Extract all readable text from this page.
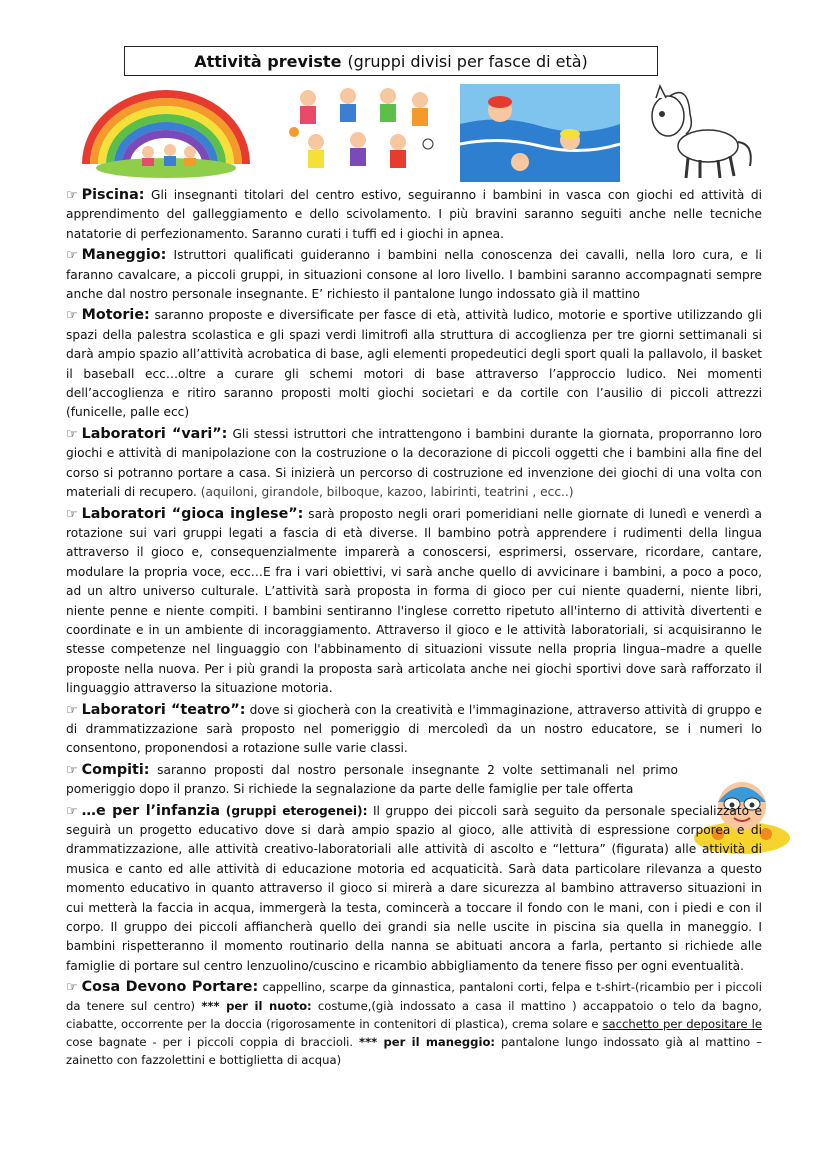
Attività previste (gruppi divisi per fasce di età)
☞ Piscina: Gli insegnanti titolari del centro estivo, seguiranno i bambini in vasca con giochi ed attività di apprendimento del galleggiamento e dello scivolamento. I più bravini saranno seguiti anche nelle tecniche natatorie di perfezionamento. Saranno curati i tuffi ed i giochi in apnea.
☞ Maneggio: Istruttori qualificati guideranno i bambini nella conoscenza dei cavalli, nella loro cura, e li faranno cavalcare, a piccoli gruppi, in situazioni consone al loro livello. I bambini saranno accompagnati sempre anche dal nostro personale insegnante. E’ richiesto il pantalone lungo indossato già il mattino
☞ Motorie: saranno proposte e diversificate per fasce di età, attività ludico, motorie e sportive utilizzando gli spazi della palestra scolastica e gli spazi verdi limitrofi alla struttura di accoglienza per tre giorni settimanali si darà ampio spazio all’attività acrobatica di base, agli elementi propedeutici degli sport quali la pallavolo, il basket il baseball ecc…oltre a curare gli schemi motori di base attraverso l’approccio ludico. Nei momenti dell’accoglienza e ritiro saranno proposti molti giochi societari e da cortile con l’ausilio di piccoli attrezzi (funicelle, palle ecc)
☞ Laboratori “vari”: Gli stessi istruttori che intrattengono i bambini durante la giornata, proporranno loro giochi e attività di manipolazione con la costruzione o la decorazione di piccoli oggetti che i bambini alla fine del corso si potranno portare a casa. Si inizierà un percorso di costruzione ed invenzione dei giochi di una volta con materiali di recupero. (aquiloni, girandole, bilboque, kazoo, labirinti, teatrini , ecc..)
☞ Laboratori “gioca inglese”: sarà proposto negli orari pomeridiani nelle giornate di lunedì e venerdì a rotazione sui vari gruppi legati a fascia di età diverse. Il bambino potrà apprendere i rudimenti della lingua attraverso il gioco e, consequenzialmente imparerà a conoscersi, esprimersi, osservare, ricordare, cantare, modulare la propria voce, ecc…E fra i vari obiettivi, vi sarà anche quello di avvicinare i bambini, a poco a poco, ad un altro universo culturale. L’attività sarà proposta in forma di gioco per cui niente quaderni, niente libri, niente penne e niente compiti. I bambini sentiranno l'inglese corretto ripetuto all'interno di attività divertenti e coordinate e in un ambiente di incoraggiamento. Attraverso il gioco e le attività laboratoriali, si acquisiranno le stesse competenze nel linguaggio con l'abbinamento di situazioni vissute nella propria lingua–madre a quelle proposte nella nuova. Per i più grandi la proposta sarà articolata anche nei giochi sportivi dove sarà rafforzato il linguaggio attraverso la situazione motoria.
☞ Laboratori “teatro”: dove si giocherà con la creatività e l'immaginazione, attraverso attività di gruppo e di drammatizzazione sarà proposto nel pomeriggio di mercoledì da un nostro educatore, se i numeri lo consentono, proponendosi a rotazione sulle varie classi.
☞ Compiti: saranno proposti dal nostro personale insegnante 2 volte settimanali nel primo pomeriggio dopo il pranzo. Si richiede la segnalazione da parte delle famiglie per tale offerta
☞ …e per l’infanzia (gruppi eterogenei): Il gruppo dei piccoli sarà seguito da personale specializzato e seguirà un progetto educativo dove si darà ampio spazio al gioco, alle attività di espressione corporea e di drammatizzazione, alle attività creativo-laboratoriali alle attività di ascolto e “lettura” (figurata) alle attività di musica e canto ed alle attività di educazione motoria ed acquaticità. Sarà data particolare rilevanza a questo momento educativo in quanto attraverso il gioco si mirerà a dare sicurezza al bambino attraverso situazioni in cui metterà la faccia in acqua, immergerà la testa, comincerà a toccare il fondo con le mani, con i piedi e con il corpo. Il gruppo dei piccoli affiancherà quello dei grandi sia nelle uscite in piscina sia quella in maneggio. I bambini rispetteranno il momento routinario della nanna se abituati ancora a farla, pertanto si richiede alle famiglie di portare sul centro lenzuolino/cuscino e ricambio abbigliamento da tenere fisso per ogni eventualità.
☞ Cosa Devono Portare: cappellino, scarpe da ginnastica, pantaloni corti, felpa e t-shirt-(ricambio per i piccoli da tenere sul centro) *** per il nuoto: costume,(già indossato a casa il mattino ) accappatoio o telo da bagno, ciabatte, occorrente per la doccia (rigorosamente in contenitori di plastica), crema solare e sacchetto per depositare le cose bagnate - per i piccoli coppia di braccioli. *** per il maneggio: pantalone lungo indossato già al mattino – zainetto con fazzolettini e bottiglietta di acqua)
